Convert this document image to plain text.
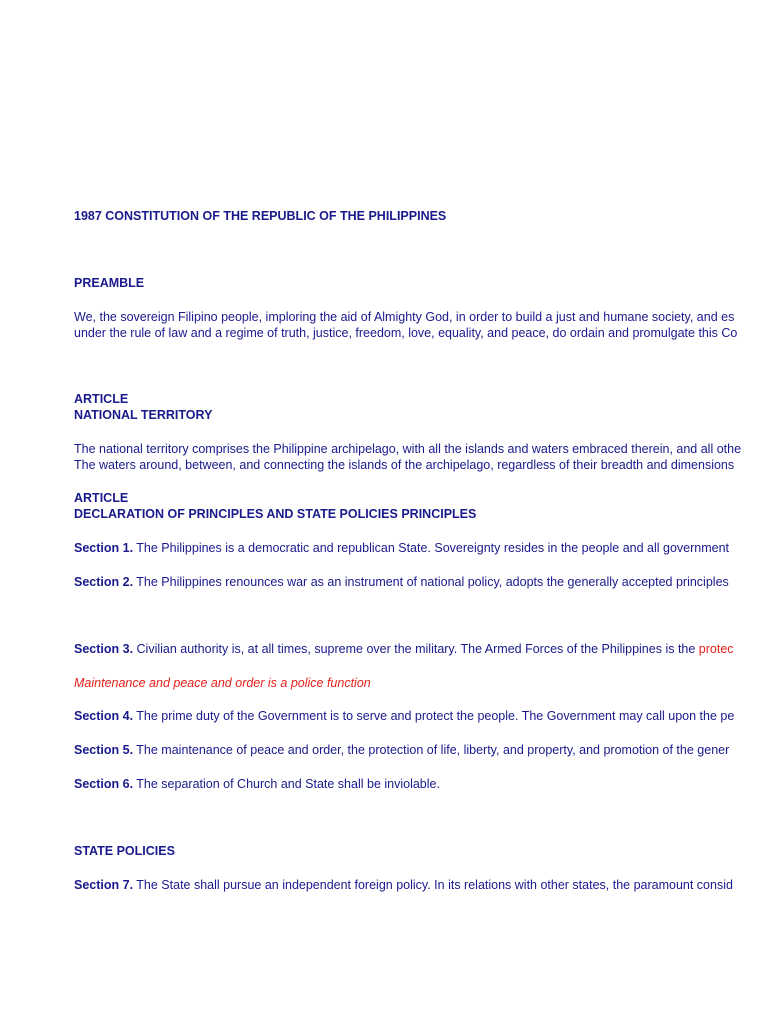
1987 CONSTITUTION OF THE REPUBLIC OF THE PHILIPPINES
PREAMBLE
We, the sovereign Filipino people, imploring the aid of Almighty God, in order to build a just and humane society, and es
under the rule of law and a regime of truth, justice, freedom, love, equality, and peace, do ordain and promulgate this Co
ARTICLE
NATIONAL TERRITORY
The national territory comprises the Philippine archipelago, with all the islands and waters embraced therein, and all othe
The waters around, between, and connecting the islands of the archipelago, regardless of their breadth and dimensions
ARTICLE
DECLARATION OF PRINCIPLES AND STATE POLICIES PRINCIPLES
Section 1. The Philippines is a democratic and republican State. Sovereignty resides in the people and all government
Section 2. The Philippines renounces war as an instrument of national policy, adopts the generally accepted principles
Section 3. Civilian authority is, at all times, supreme over the military. The Armed Forces of the Philippines is the protec
Maintenance and peace and order is a police function
Section 4. The prime duty of the Government is to serve and protect the people. The Government may call upon the pe
Section 5. The maintenance of peace and order, the protection of life, liberty, and property, and promotion of the gener
Section 6. The separation of Church and State shall be inviolable.
STATE POLICIES
Section 7. The State shall pursue an independent foreign policy. In its relations with other states, the paramount consid
